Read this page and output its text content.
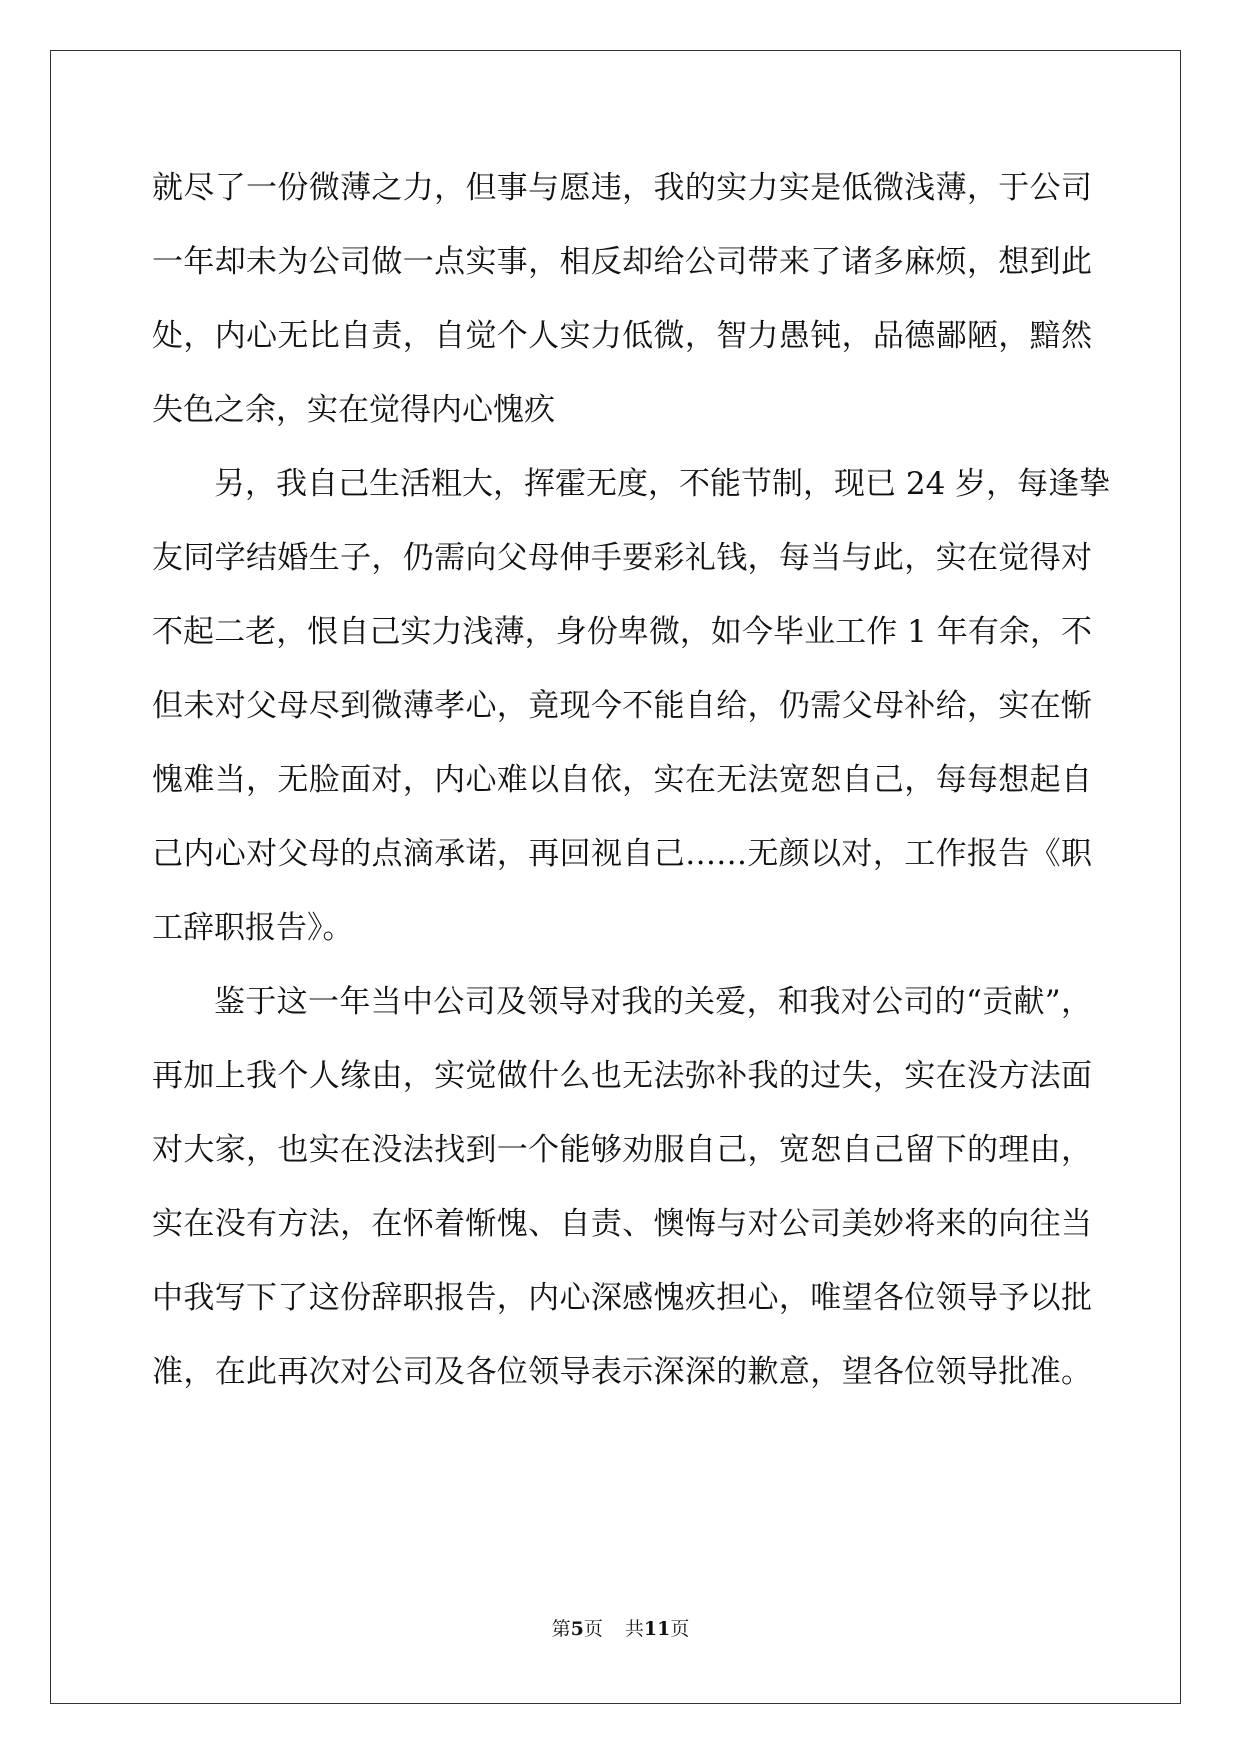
就尽了一份微薄之力，但事与愿违，我的实力实是低微浅薄，于公司
一年却未为公司做一点实事，相反却给公司带来了诸多麻烦，想到此
处，内心无比自责，自觉个人实力低微，智力愚钝，品德鄙陋，黯然
失色之余，实在觉得内心愧疚
另，我自己生活粗大，挥霍无度，不能节制，现已 24 岁，每逢挚
友同学结婚生子，仍需向父母伸手要彩礼钱，每当与此，实在觉得对
不起二老，恨自己实力浅薄，身份卑微，如今毕业工作 1 年有余，不
但未对父母尽到微薄孝心，竟现今不能自给，仍需父母补给，实在惭
愧难当，无脸面对，内心难以自依，实在无法宽恕自己，每每想起自
己内心对父母的点滴承诺，再回视自己……无颜以对，工作报告《职
工辞职报告》。
鉴于这一年当中公司及领导对我的关爱，和我对公司的“贡献”，
再加上我个人缘由，实觉做什么也无法弥补我的过失，实在没方法面
对大家，也实在没法找到一个能够劝服自己，宽恕自己留下的理由，
实在没有方法，在怀着惭愧、自责、懊悔与对公司美妙将来的向往当
中我写下了这份辞职报告，内心深感愧疚担心，唯望各位领导予以批
准，在此再次对公司及各位领导表示深深的歉意，望各位领导批准。
第5页 共11页
